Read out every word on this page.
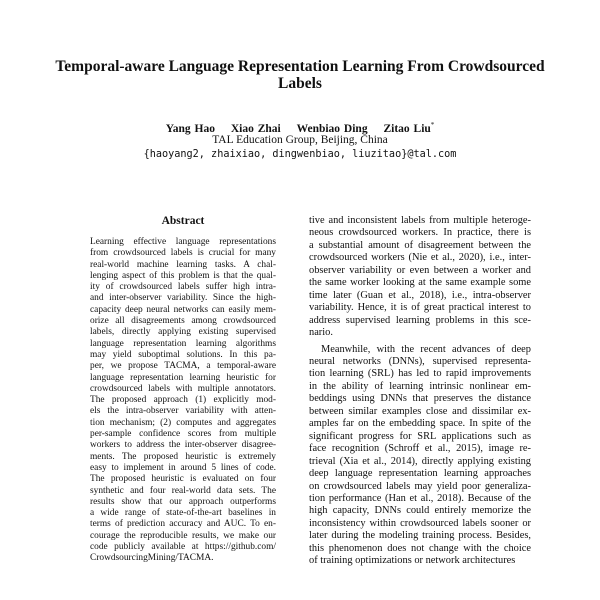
Temporal-aware Language Representation Learning From Crowdsourced
Labels
Yang Hao Xiao Zhai Wenbiao Ding Zitao Liu*
TAL Education Group, Beijing, China
{haoyang2, zhaixiao, dingwenbiao, liuzitao}@tal.com
Abstract
Learning effective language representations
from crowdsourced labels is crucial for many
real-world machine learning tasks. A chal-
lenging aspect of this problem is that the qual-
ity of crowdsourced labels suffer high intra-
and inter-observer variability. Since the high-
capacity deep neural networks can easily mem-
orize all disagreements among crowdsourced
labels, directly applying existing supervised
language representation learning algorithms
may yield suboptimal solutions. In this pa-
per, we propose TACMA, a temporal-aware
language representation learning heuristic for
crowdsourced labels with multiple annotators.
The proposed approach (1) explicitly mod-
els the intra-observer variability with atten-
tion mechanism; (2) computes and aggregates
per-sample confidence scores from multiple
workers to address the inter-observer disagree-
ments. The proposed heuristic is extremely
easy to implement in around 5 lines of code.
The proposed heuristic is evaluated on four
synthetic and four real-world data sets. The
results show that our approach outperforms
a wide range of state-of-the-art baselines in
terms of prediction accuracy and AUC. To en-
courage the reproducible results, we make our
code publicly available at https://github.com/
CrowdsourcingMining/TACMA.
tive and inconsistent labels from multiple heteroge-
neous crowdsourced workers. In practice, there is
a substantial amount of disagreement between the
crowdsourced workers (Nie et al., 2020), i.e., inter-
observer variability or even between a worker and
the same worker looking at the same example some
time later (Guan et al., 2018), i.e., intra-observer
variability. Hence, it is of great practical interest to
address supervised learning problems in this sce-
nario.
Meanwhile, with the recent advances of deep
neural networks (DNNs), supervised representa-
tion learning (SRL) has led to rapid improvements
in the ability of learning intrinsic nonlinear em-
beddings using DNNs that preserves the distance
between similar examples close and dissimilar ex-
amples far on the embedding space. In spite of the
significant progress for SRL applications such as
face recognition (Schroff et al., 2015), image re-
trieval (Xia et al., 2014), directly applying existing
deep language representation learning approaches
on crowdsourced labels may yield poor generaliza-
tion performance (Han et al., 2018). Because of the
high capacity, DNNs could entirely memorize the
inconsistency within crowdsourced labels sooner or
later during the modeling training process. Besides,
this phenomenon does not change with the choice
of training optimizations or network architectures
